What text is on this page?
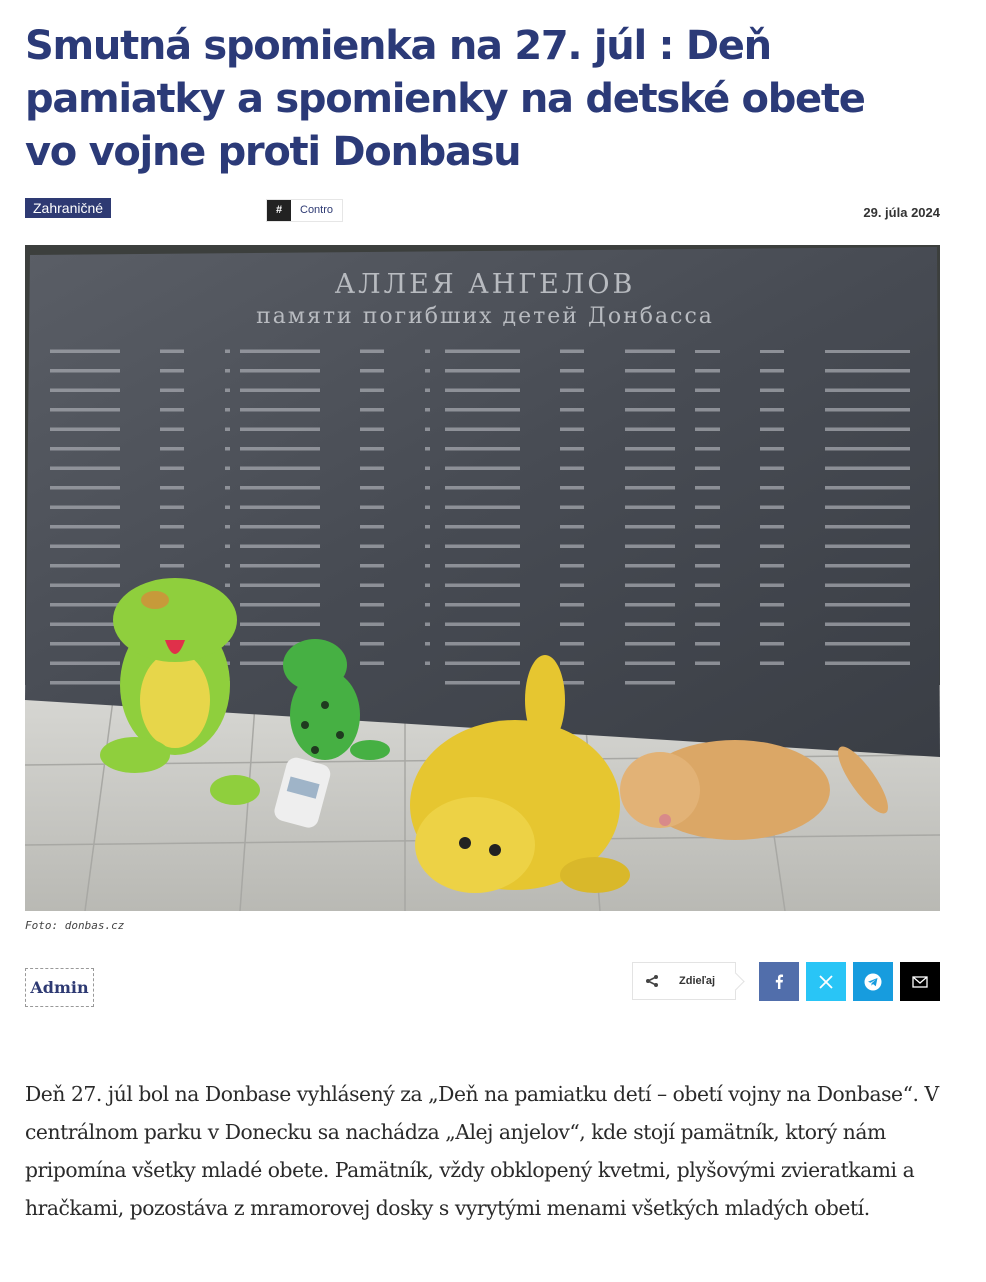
Smutná spomienka na 27. júl : Deň pamiatky a spomienky na detské obete vo vojne proti Donbasu
Zahraničné	#	Contro	29. júla 2024
АЛЛЕЯ АНГЕЛОВ
памяти погибших детей Донбасса
Foto: donbas.cz
Admin	Zdieľaj

Deň 27. júl bol na Donbase vyhlásený za „Deň na pamiatku detí – obetí vojny na Donbase“. V centrálnom parku v Donecku sa nachádza „Alej anjelov“, kde stojí pamätník, ktorý nám pripomína všetky mladé obete. Pamätník, vždy obklopený kvetmi, plyšovými zvieratkami a hračkami, pozostáva z mramorovej dosky s vyrytými menami všetkých mladých obetí.
